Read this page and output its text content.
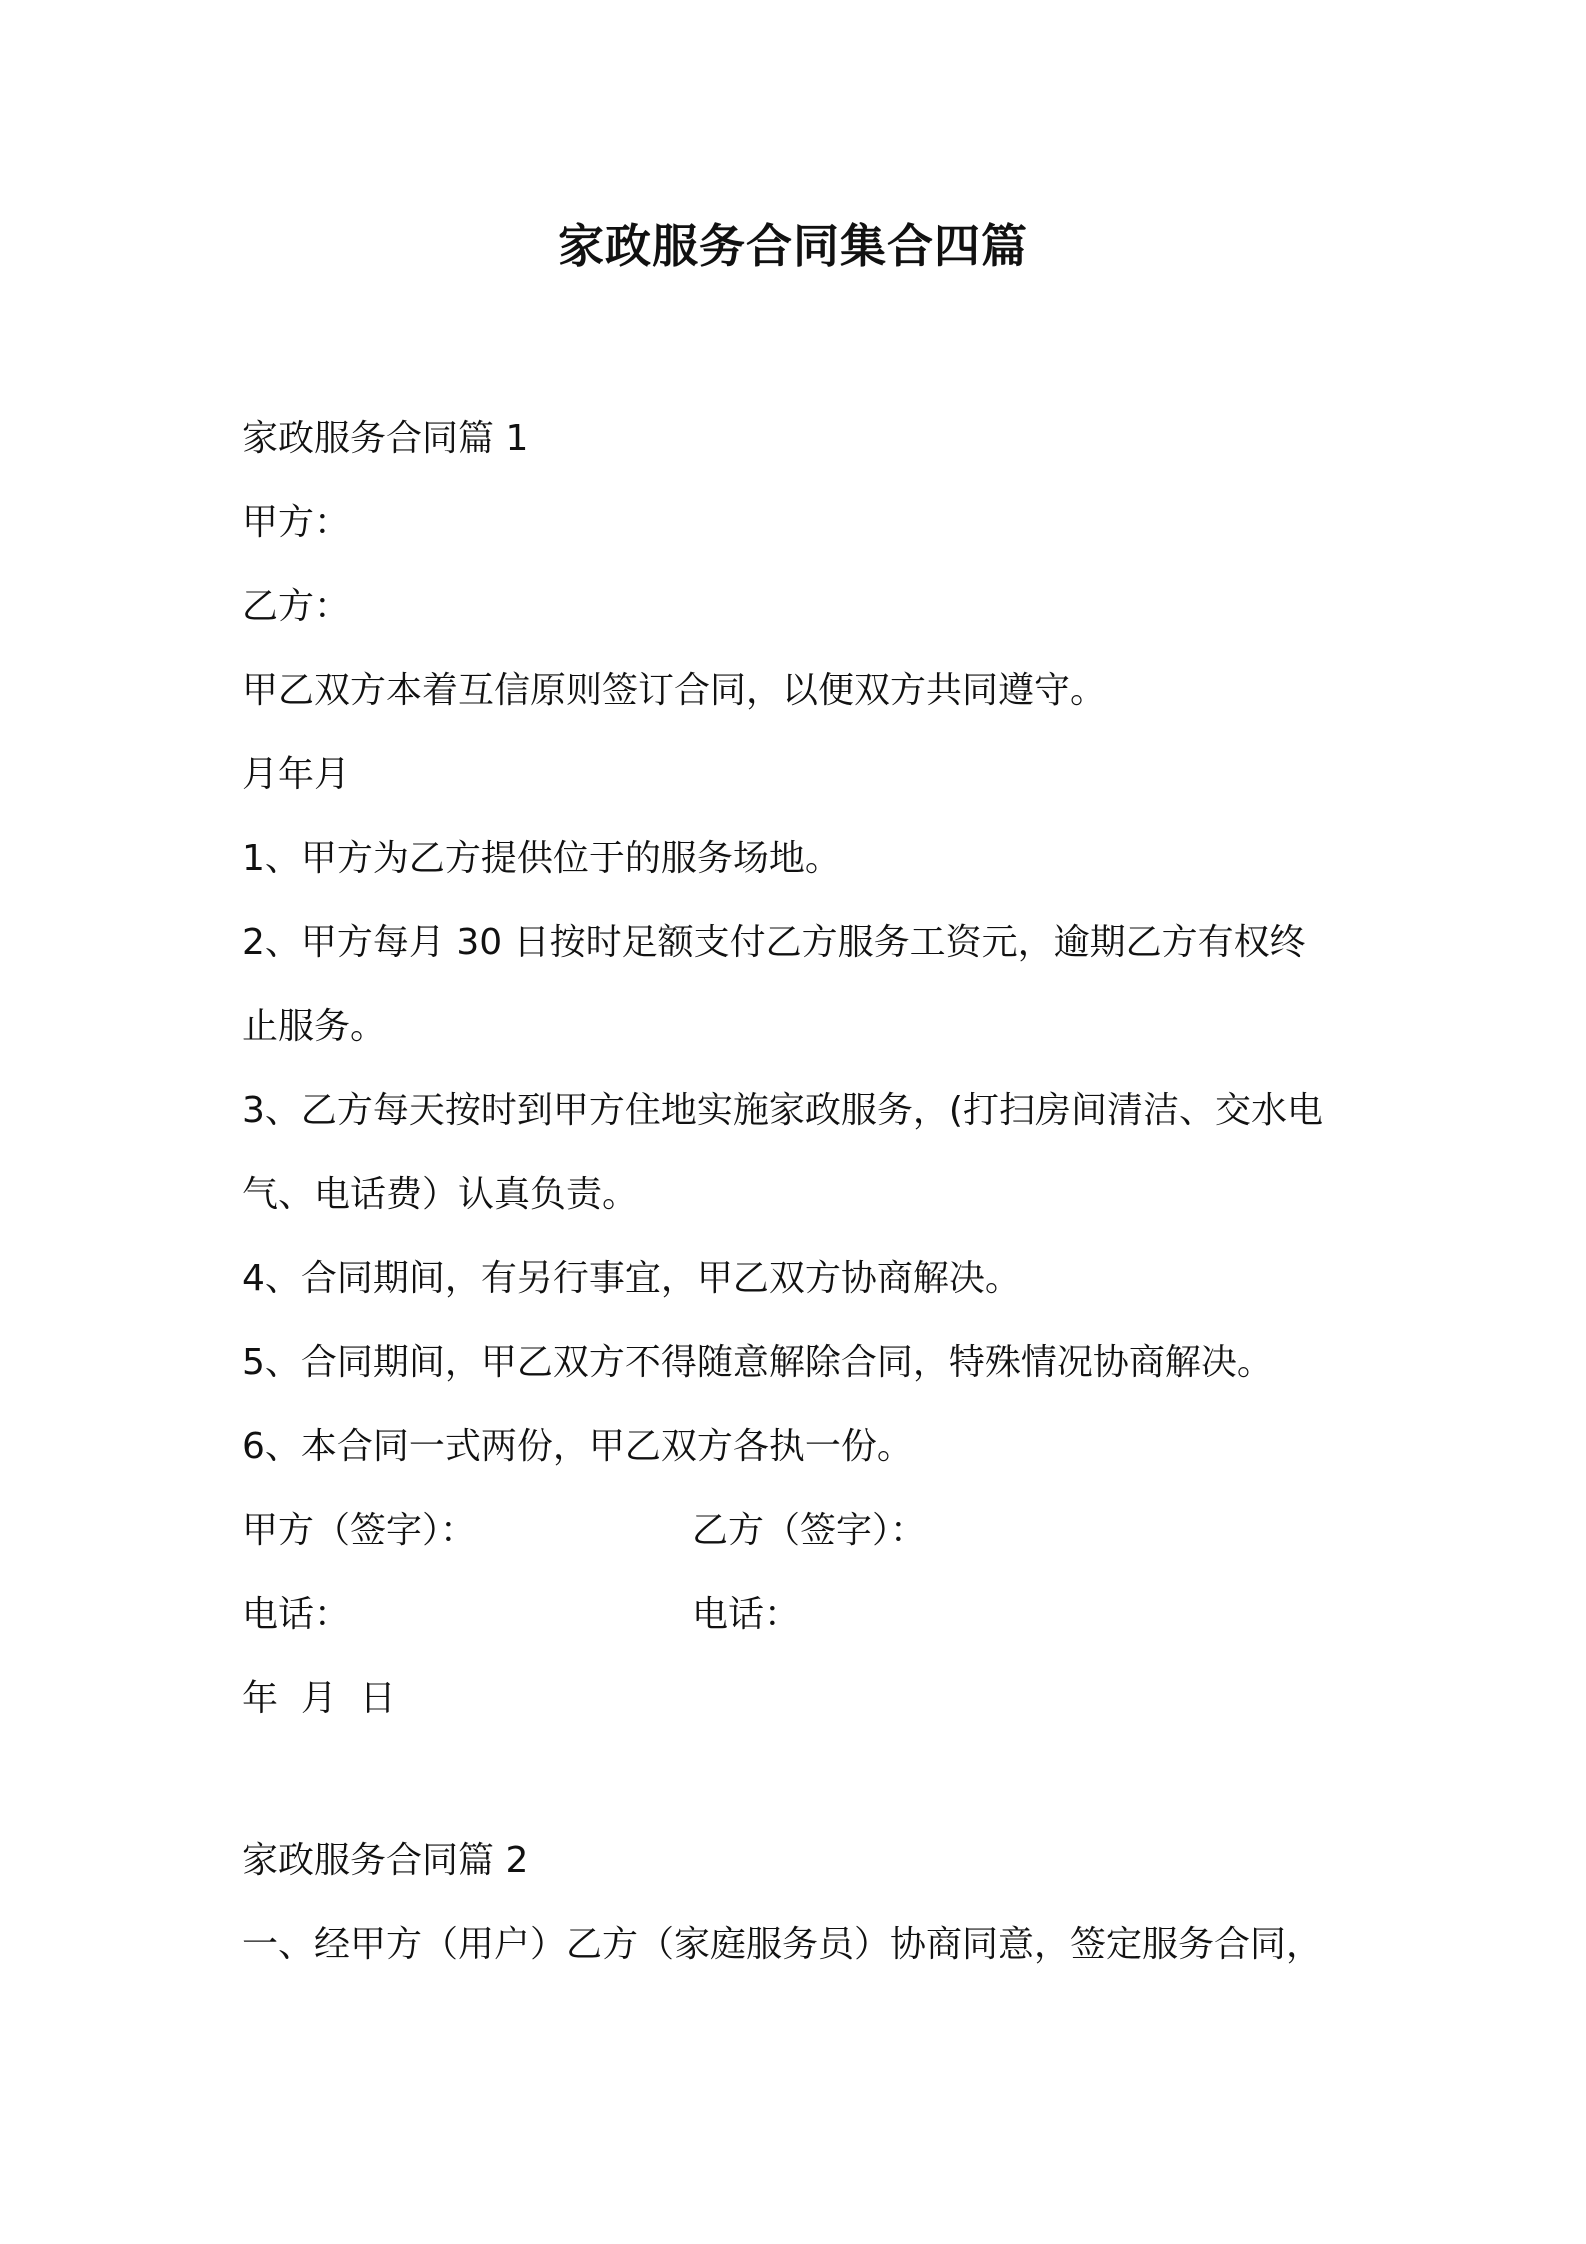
家政服务合同集合四篇
家政服务合同篇 1
甲方：
乙方：
甲乙双方本着互信原则签订合同，以便双方共同遵守。
月年月
1、甲方为乙方提供位于的服务场地。
2、甲方每月 30 日按时足额支付乙方服务工资元，逾期乙方有权终
止服务。
3、乙方每天按时到甲方住地实施家政服务，(打扫房间清洁、交水电
气、电话费）认真负责。
4、合同期间，有另行事宜，甲乙双方协商解决。
5、合同期间，甲乙双方不得随意解除合同，特殊情况协商解决。
6、本合同一式两份，甲乙双方各执一份。
甲方（签字）：	乙方（签字）：
电话：	电话：
年  月  日
家政服务合同篇 2
一、经甲方（用户）乙方（家庭服务员）协商同意，签定服务合同，
